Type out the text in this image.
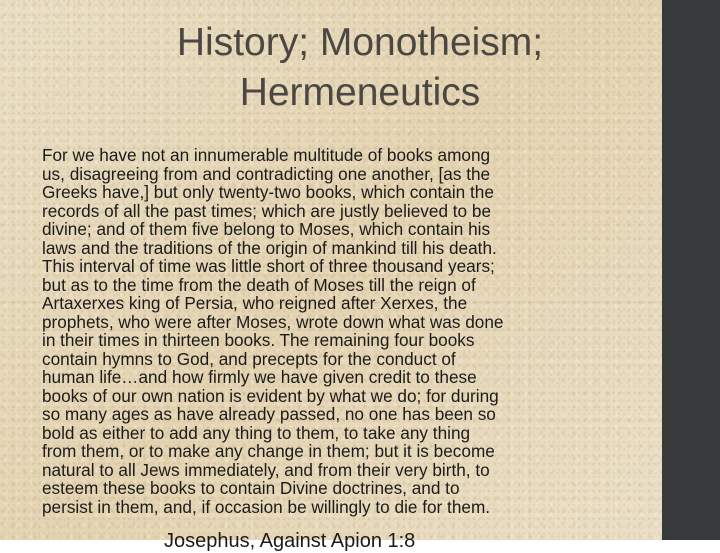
History; Monotheism;
Hermeneutics
For we have not an innumerable multitude of books among
us, disagreeing from and contradicting one another, [as the
Greeks have,] but only twenty-two books, which contain the
records of all the past times; which are justly believed to be
divine; and of them five belong to Moses, which contain his
laws and the traditions of the origin of mankind till his death.
This interval of time was little short of three thousand years;
but as to the time from the death of Moses till the reign of
Artaxerxes king of Persia, who reigned after Xerxes, the
prophets, who were after Moses, wrote down what was done
in their times in thirteen books. The remaining four books
contain hymns to God, and precepts for the conduct of
human life…and how firmly we have given credit to these
books of our own nation is evident by what we do; for during
so many ages as have already passed, no one has been so
bold as either to add any thing to them, to take any thing
from them, or to make any change in them; but it is become
natural to all Jews immediately, and from their very birth, to
esteem these books to contain Divine doctrines, and to
persist in them, and, if occasion be willingly to die for them.
Josephus, Against Apion 1:8
